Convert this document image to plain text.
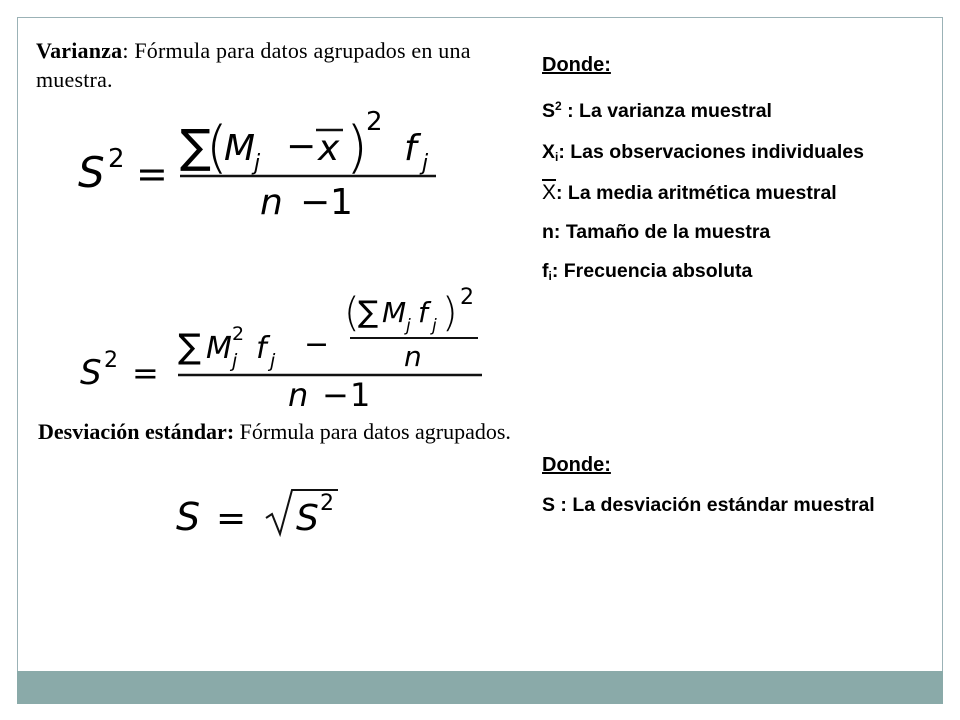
Varianza: Fórmula para datos agrupados en una muestra.
S 2 =
∑
(
M
j − x )
2
f j
n − 1
S 2 =
∑ M j
2 f j −
(
∑ M j f j ) 2
n
n − 1
Desviación estándar: Fórmula para datos agrupados.
S = S 2
Donde:
$S^2$ : La varianza muestral
$X_i$: Las observaciones individuales
$\overline{X}$: La media aritmética muestral
n: Tamaño de la muestra
$f_i$: Frecuencia absoluta
Donde:
S : La desviación estándar muestral
